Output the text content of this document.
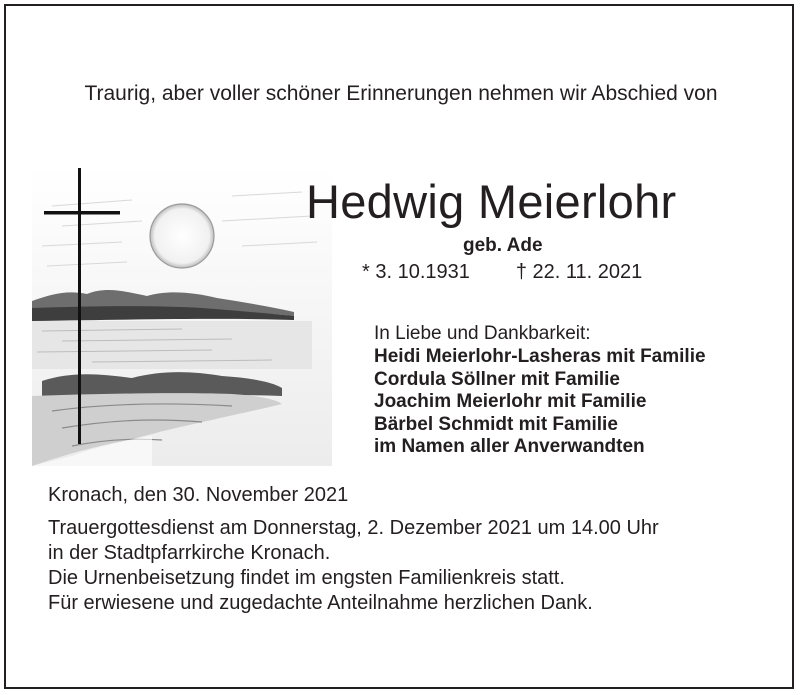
Traurig, aber voller schöner Erinnerungen nehmen wir Abschied von
Hedwig Meierlohr
geb. Ade
* 3. 10.1931 † 22. 11. 2021
In Liebe und Dankbarkeit:
Heidi Meierlohr-Lasheras mit Familie
Cordula Söllner mit Familie
Joachim Meierlohr mit Familie
Bärbel Schmidt mit Familie
im Namen aller Anverwandten
Kronach, den 30. November 2021
Trauergottesdienst am Donnerstag, 2. Dezember 2021 um 14.00 Uhr
in der Stadtpfarrkirche Kronach.
Die Urnenbeisetzung findet im engsten Familienkreis statt.
Für erwiesene und zugedachte Anteilnahme herzlichen Dank.
